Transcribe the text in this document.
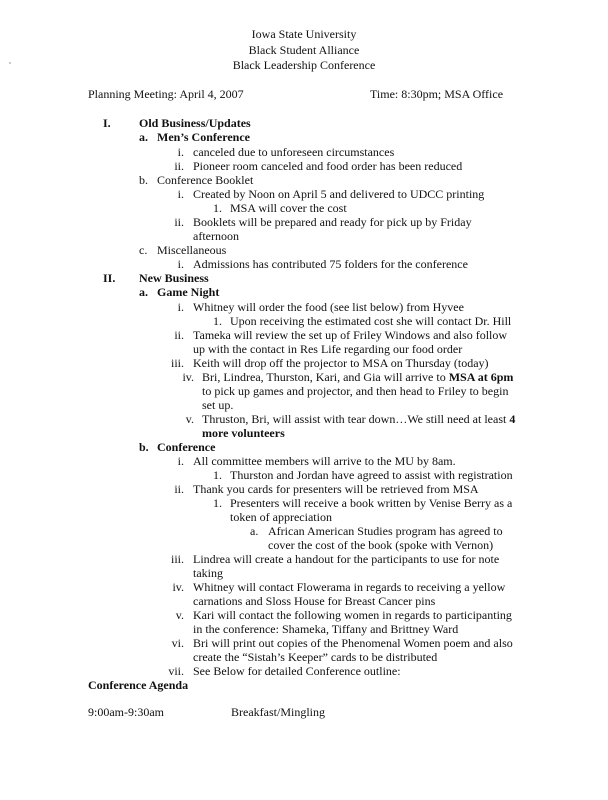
Iowa State University
Black Student Alliance
Black Leadership Conference
Planning Meeting: April 4, 2007	Time: 8:30pm; MSA Office
I. Old Business/Updates
a. Men’s Conference
i. canceled due to unforeseen circumstances
ii. Pioneer room canceled and food order has been reduced
b. Conference Booklet
i. Created by Noon on April 5 and delivered to UDCC printing
1. MSA will cover the cost
ii. Booklets will be prepared and ready for pick up by Friday
afternoon
c. Miscellaneous
i. Admissions has contributed 75 folders for the conference
II. New Business
a. Game Night
i. Whitney will order the food (see list below) from Hyvee
1. Upon receiving the estimated cost she will contact Dr. Hill
ii. Tameka will review the set up of Friley Windows and also follow
up with the contact in Res Life regarding our food order
iii. Keith will drop off the projector to MSA on Thursday (today)
iv. Bri, Lindrea, Thurston, Kari, and Gia will arrive to MSA at 6pm
to pick up games and projector, and then head to Friley to begin
set up.
v. Thruston, Bri, will assist with tear down…We still need at least 4
more volunteers
b. Conference
i. All committee members will arrive to the MU by 8am.
1. Thurston and Jordan have agreed to assist with registration
ii. Thank you cards for presenters will be retrieved from MSA
1. Presenters will receive a book written by Venise Berry as a
token of appreciation
a. African American Studies program has agreed to
cover the cost of the book (spoke with Vernon)
iii. Lindrea will create a handout for the participants to use for note
taking
iv. Whitney will contact Flowerama in regards to receiving a yellow
carnations and Sloss House for Breast Cancer pins
v. Kari will contact the following women in regards to participanting
in the conference: Shameka, Tiffany and Brittney Ward
vi. Bri will print out copies of the Phenomenal Women poem and also
create the “Sistah’s Keeper” cards to be distributed
vii. See Below for detailed Conference outline:
Conference Agenda
9:00am-9:30am	Breakfast/Mingling
